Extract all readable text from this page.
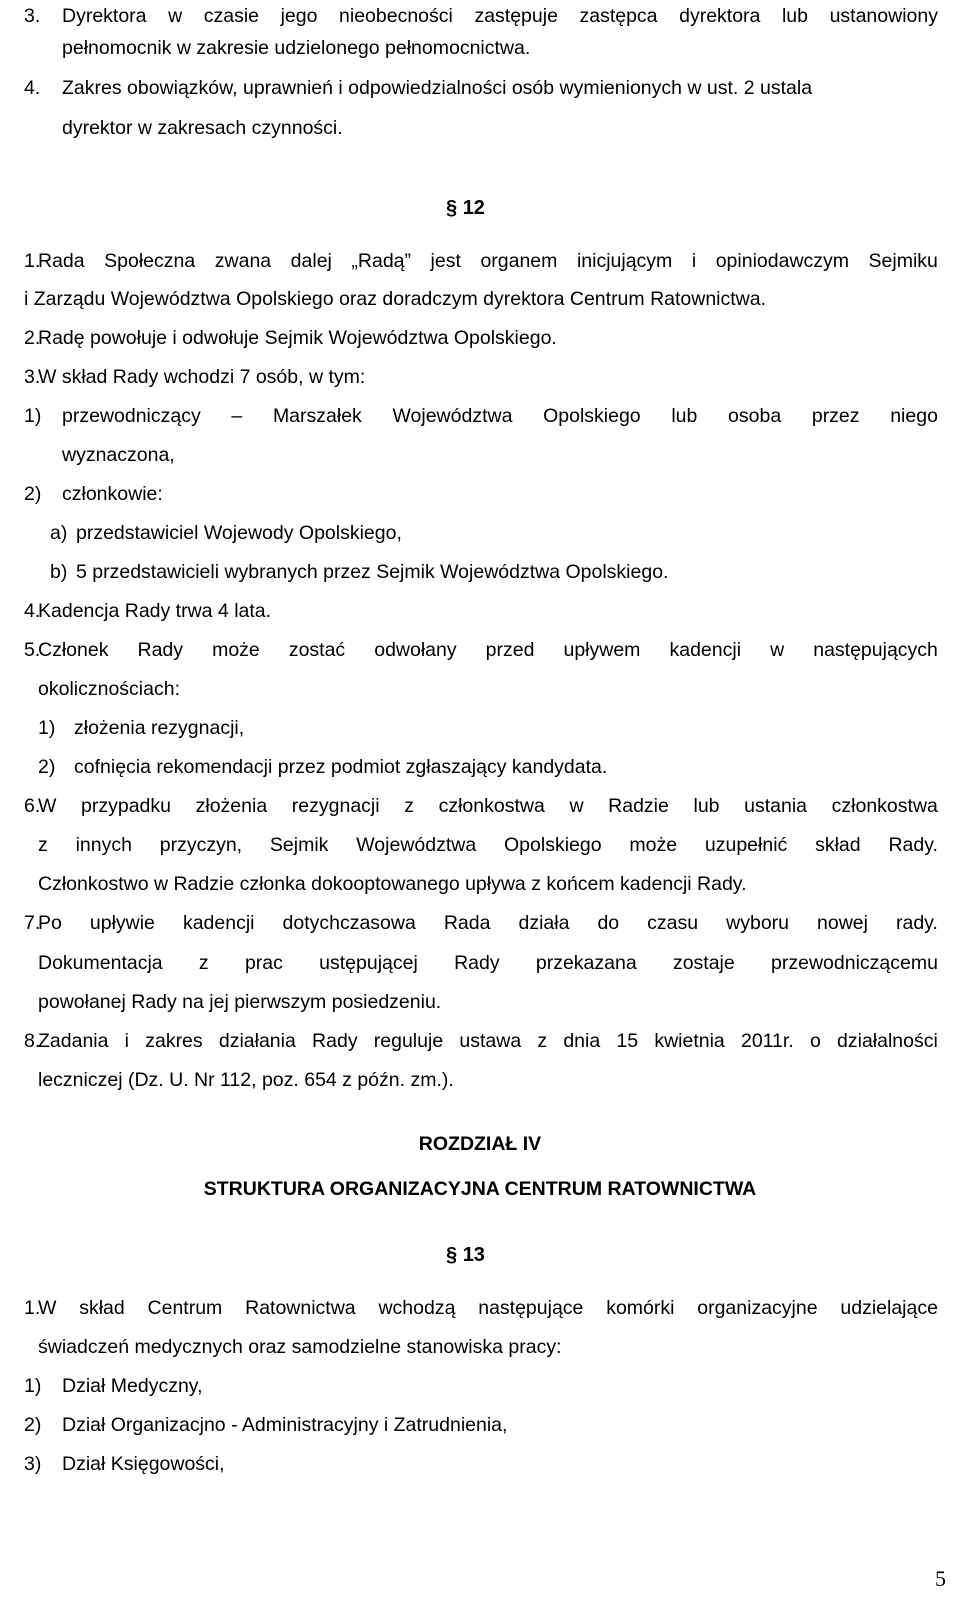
3. Dyrektora w czasie jego nieobecności zastępuje zastępca dyrektora lub ustanowiony
pełnomocnik w zakresie udzielonego pełnomocnictwa.
4. Zakres obowiązków, uprawnień i odpowiedzialności osób wymienionych w ust. 2 ustala
dyrektor w zakresach czynności.
§ 12
1.
Rada Społeczna zwana dalej „Radą” jest organem inicjującym i opiniodawczym Sejmiku
i Zarządu Województwa Opolskiego oraz doradczym dyrektora Centrum Ratownictwa.
2.
Radę powołuje i odwołuje Sejmik Województwa Opolskiego.
3.
W skład Rady wchodzi 7 osób, w tym:
1) przewodniczący – Marszałek Województwa Opolskiego lub osoba przez niego
wyznaczona,
2) członkowie:
a) przedstawiciel Wojewody Opolskiego,
b) 5 przedstawicieli wybranych przez Sejmik Województwa Opolskiego.
4.
Kadencja Rady trwa 4 lata.
5.
Członek Rady może zostać odwołany przed upływem kadencji w następujących
okolicznościach:
1) złożenia rezygnacji,
2) cofnięcia rekomendacji przez podmiot zgłaszający kandydata.
6.
W przypadku złożenia rezygnacji z członkostwa w Radzie lub ustania członkostwa
z innych przyczyn, Sejmik Województwa Opolskiego może uzupełnić skład Rady.
Członkostwo w Radzie członka dokooptowanego upływa z końcem kadencji Rady.
7.
Po upływie kadencji dotychczasowa Rada działa do czasu wyboru nowej rady.
Dokumentacja z prac ustępującej Rady przekazana zostaje przewodniczącemu
powołanej Rady na jej pierwszym posiedzeniu.
8.
Zadania i zakres działania Rady reguluje ustawa z dnia 15 kwietnia 2011r. o działalności
leczniczej (Dz. U. Nr 112, poz. 654 z późn. zm.).
ROZDZIAŁ IV
STRUKTURA ORGANIZACYJNA CENTRUM RATOWNICTWA
§ 13
1.
W skład Centrum Ratownictwa wchodzą następujące komórki organizacyjne udzielające
świadczeń medycznych oraz samodzielne stanowiska pracy:
1) Dział Medyczny,
2) Dział Organizacjno - Administracyjny i Zatrudnienia,
3) Dział Księgowości,
5
